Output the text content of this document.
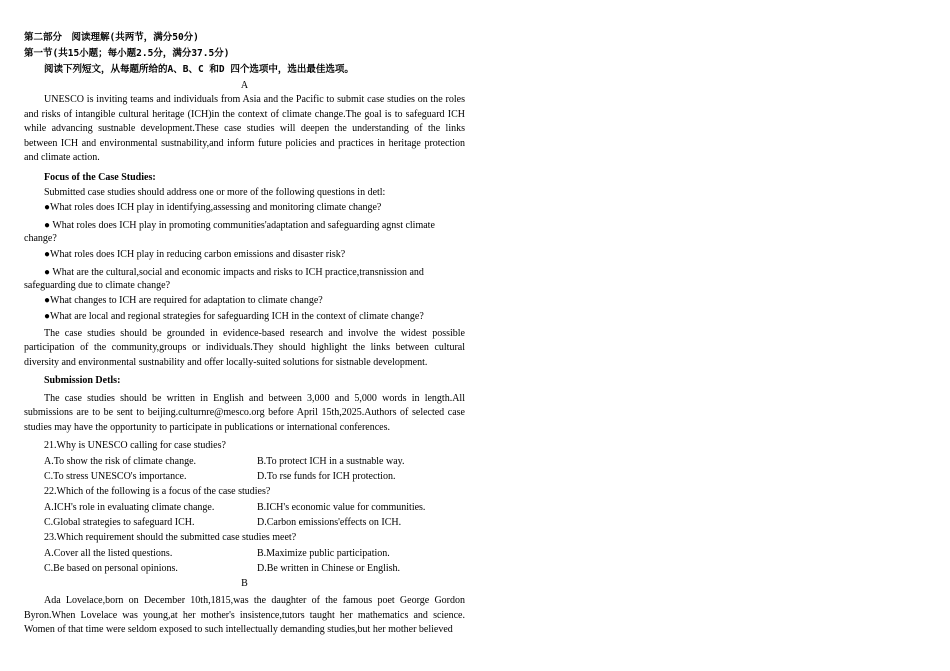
第二部分　阅读理解(共两节，满分50分)
第一节(共15小题；每小题2.5分，满分37.5分)
阅读下列短文，从每题所给的A、B、C 和D 四个选项中，选出最佳选项。
A

UNESCO is inviting teams and individuals from Asia and the Pacific to submit case studies on the roles and risks of intangible cultural heritage (ICH)in the context of climate change.The goal is to safeguard ICH while advancing sustnable development.These case studies will deepen the understanding of the links between ICH and environmental sustnability,and inform future policies and practices in heritage protection and climate action.

Focus of the Case Studies:
Submitted case studies should address one or more of the following questions in detl:
●What roles does ICH play in identifying,assessing and monitoring climate change?
● What roles does ICH play in promoting communities'adaptation and safeguarding agnst climate change?
●What roles does ICH play in reducing carbon emissions and disaster risk?
● What are the cultural,social and economic impacts and risks to ICH practice,transnission and safeguarding due to climate change?
●What changes to ICH are required for adaptation to climate change?
●What are local and regional strategies for safeguarding ICH in the context of climate change?

The case studies should be grounded in evidence-based research and involve the widest possible participation of the community,groups or individuals.They should highlight the links between cultural diversity and environmental sustnability and offer locally-suited solutions for sistnable development.

Submission Detls:

The case studies should be written in English and between 3,000 and 5,000 words in length.All submissions are to be sent to beijing.culturnre@mesco.org before April 15th,2025.Authors of selected case studies may have the opportunity to participate in publications or international conferences.

21.Why is UNESCO calling for case studies?
A.To show the risk of climate change.	B.To protect ICH in a sustnable way.
C.To stress UNESCO's importance.	D.To rse funds for ICH protection.
22.Which of the following is a focus of the case studies?
A.ICH's role in evaluating climate change.	B.ICH's economic value for communities.
C.Global strategies to safeguard ICH.	D.Carbon emissions'effects on ICH.
23.Which requirement should the submitted case studies meet?
A.Cover all the listed questions.	B.Maximize public participation.
C.Be based on personal opinions.	D.Be written in Chinese or English.
B

Ada Lovelace,born on December 10th,1815,was the daughter of the famous poet George Gordon Byron.When Lovelace was young,at her mother's insistence,tutors taught her mathematics and science. Women of that time were seldom exposed to such intellectually demanding studies,but her mother believed
